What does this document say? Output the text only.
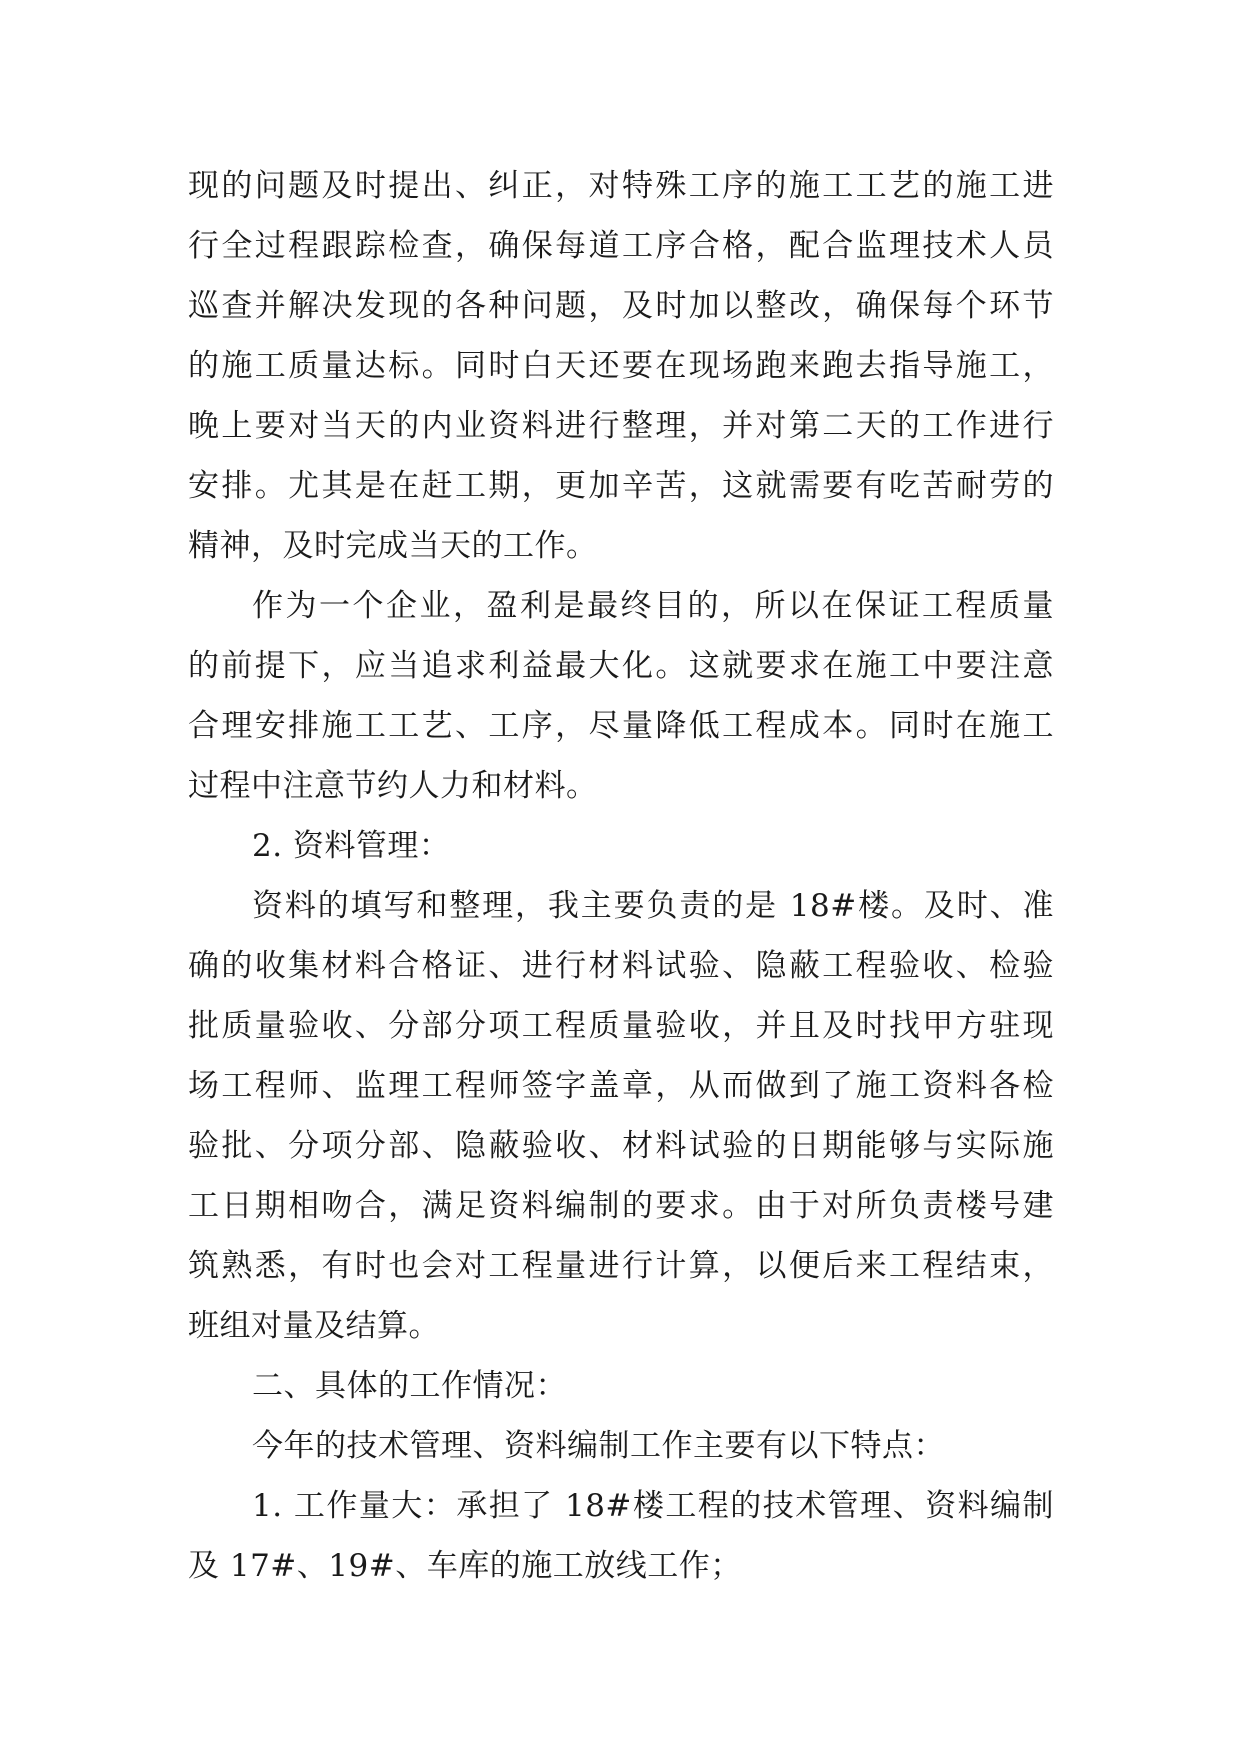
现的问题及时提出、纠正，对特殊工序的施工工艺的施工进
行全过程跟踪检查，确保每道工序合格，配合监理技术人员
巡查并解决发现的各种问题，及时加以整改，确保每个环节
的施工质量达标。同时白天还要在现场跑来跑去指导施工，
晚上要对当天的内业资料进行整理，并对第二天的工作进行
安排。尤其是在赶工期，更加辛苦，这就需要有吃苦耐劳的
精神，及时完成当天的工作。
作为一个企业，盈利是最终目的，所以在保证工程质量
的前提下，应当追求利益最大化。这就要求在施工中要注意
合理安排施工工艺、工序，尽量降低工程成本。同时在施工
过程中注意节约人力和材料。
2. 资料管理：
资料的填写和整理，我主要负责的是 18#楼。及时、准
确的收集材料合格证、进行材料试验、隐蔽工程验收、检验
批质量验收、分部分项工程质量验收，并且及时找甲方驻现
场工程师、监理工程师签字盖章，从而做到了施工资料各检
验批、分项分部、隐蔽验收、材料试验的日期能够与实际施
工日期相吻合，满足资料编制的要求。由于对所负责楼号建
筑熟悉，有时也会对工程量进行计算，以便后来工程结束，
班组对量及结算。
二、具体的工作情况：
今年的技术管理、资料编制工作主要有以下特点：
1. 工作量大：承担了 18#楼工程的技术管理、资料编制
及 17#、19#、车库的施工放线工作；
